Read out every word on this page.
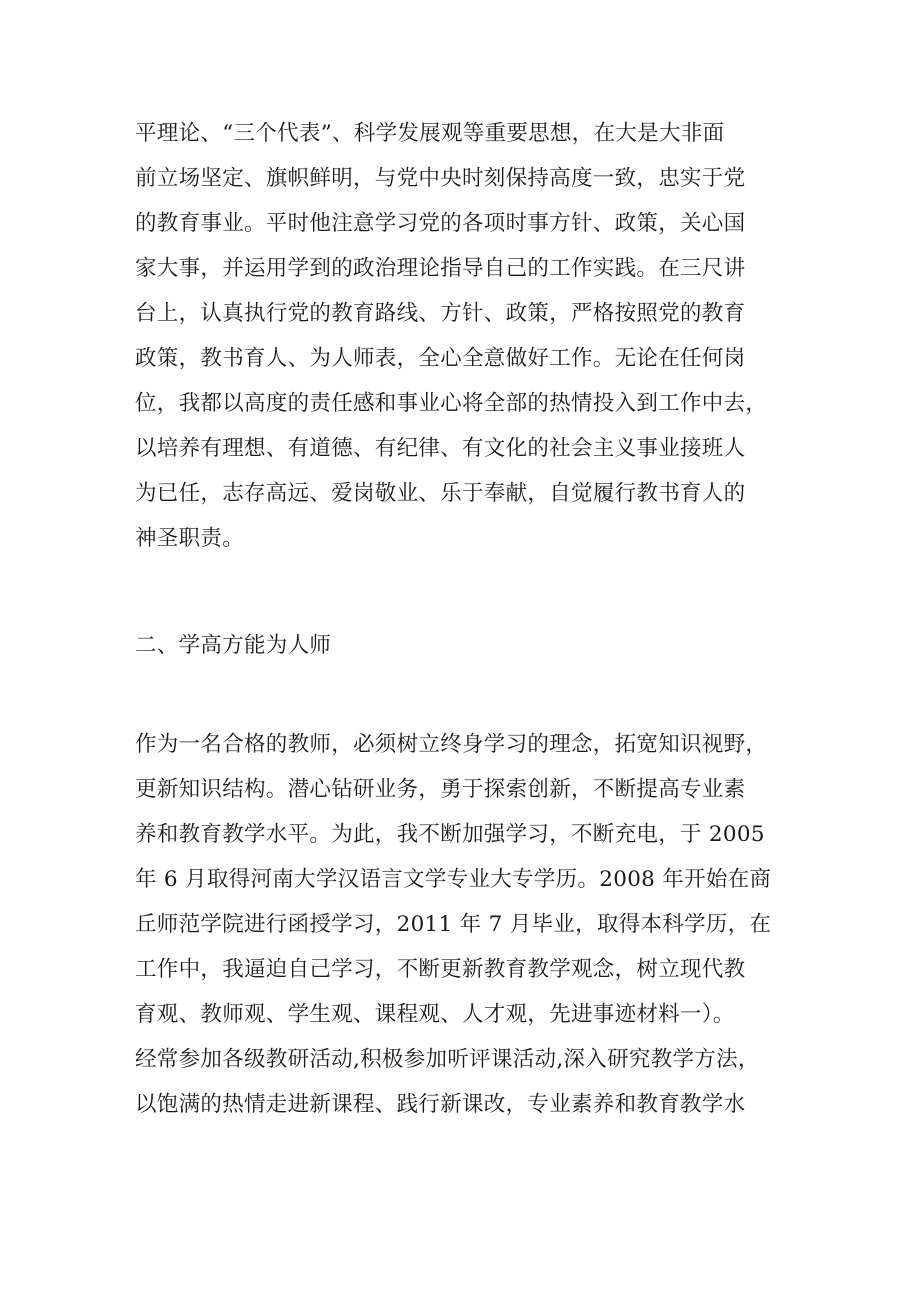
平理论、“三个代表”、科学发展观等重要思想，在大是大非面
前立场坚定、旗帜鲜明，与党中央时刻保持高度一致，忠实于党
的教育事业。平时他注意学习党的各项时事方针、政策，关心国
家大事，并运用学到的政治理论指导自己的工作实践。在三尺讲
台上，认真执行党的教育路线、方针、政策，严格按照党的教育
政策，教书育人、为人师表，全心全意做好工作。无论在任何岗
位，我都以高度的责任感和事业心将全部的热情投入到工作中去，
以培养有理想、有道德、有纪律、有文化的社会主义事业接班人
为已任，志存高远、爱岗敬业、乐于奉献，自觉履行教书育人的
神圣职责。
二、学高方能为人师
作为一名合格的教师，必须树立终身学习的理念，拓宽知识视野，
更新知识结构。潜心钻研业务，勇于探索创新，不断提高专业素
养和教育教学水平。为此，我不断加强学习，不断充电，于 2005
年 6 月取得河南大学汉语言文学专业大专学历。2008 年开始在商
丘师范学院进行函授学习，2011 年 7 月毕业，取得本科学历，在
工作中，我逼迫自己学习，不断更新教育教学观念，树立现代教
育观、教师观、学生观、课程观、人才观，先进事迹材料一）。
经常参加各级教研活动,积极参加听评课活动,深入研究教学方法，
以饱满的热情走进新课程、践行新课改，专业素养和教育教学水
